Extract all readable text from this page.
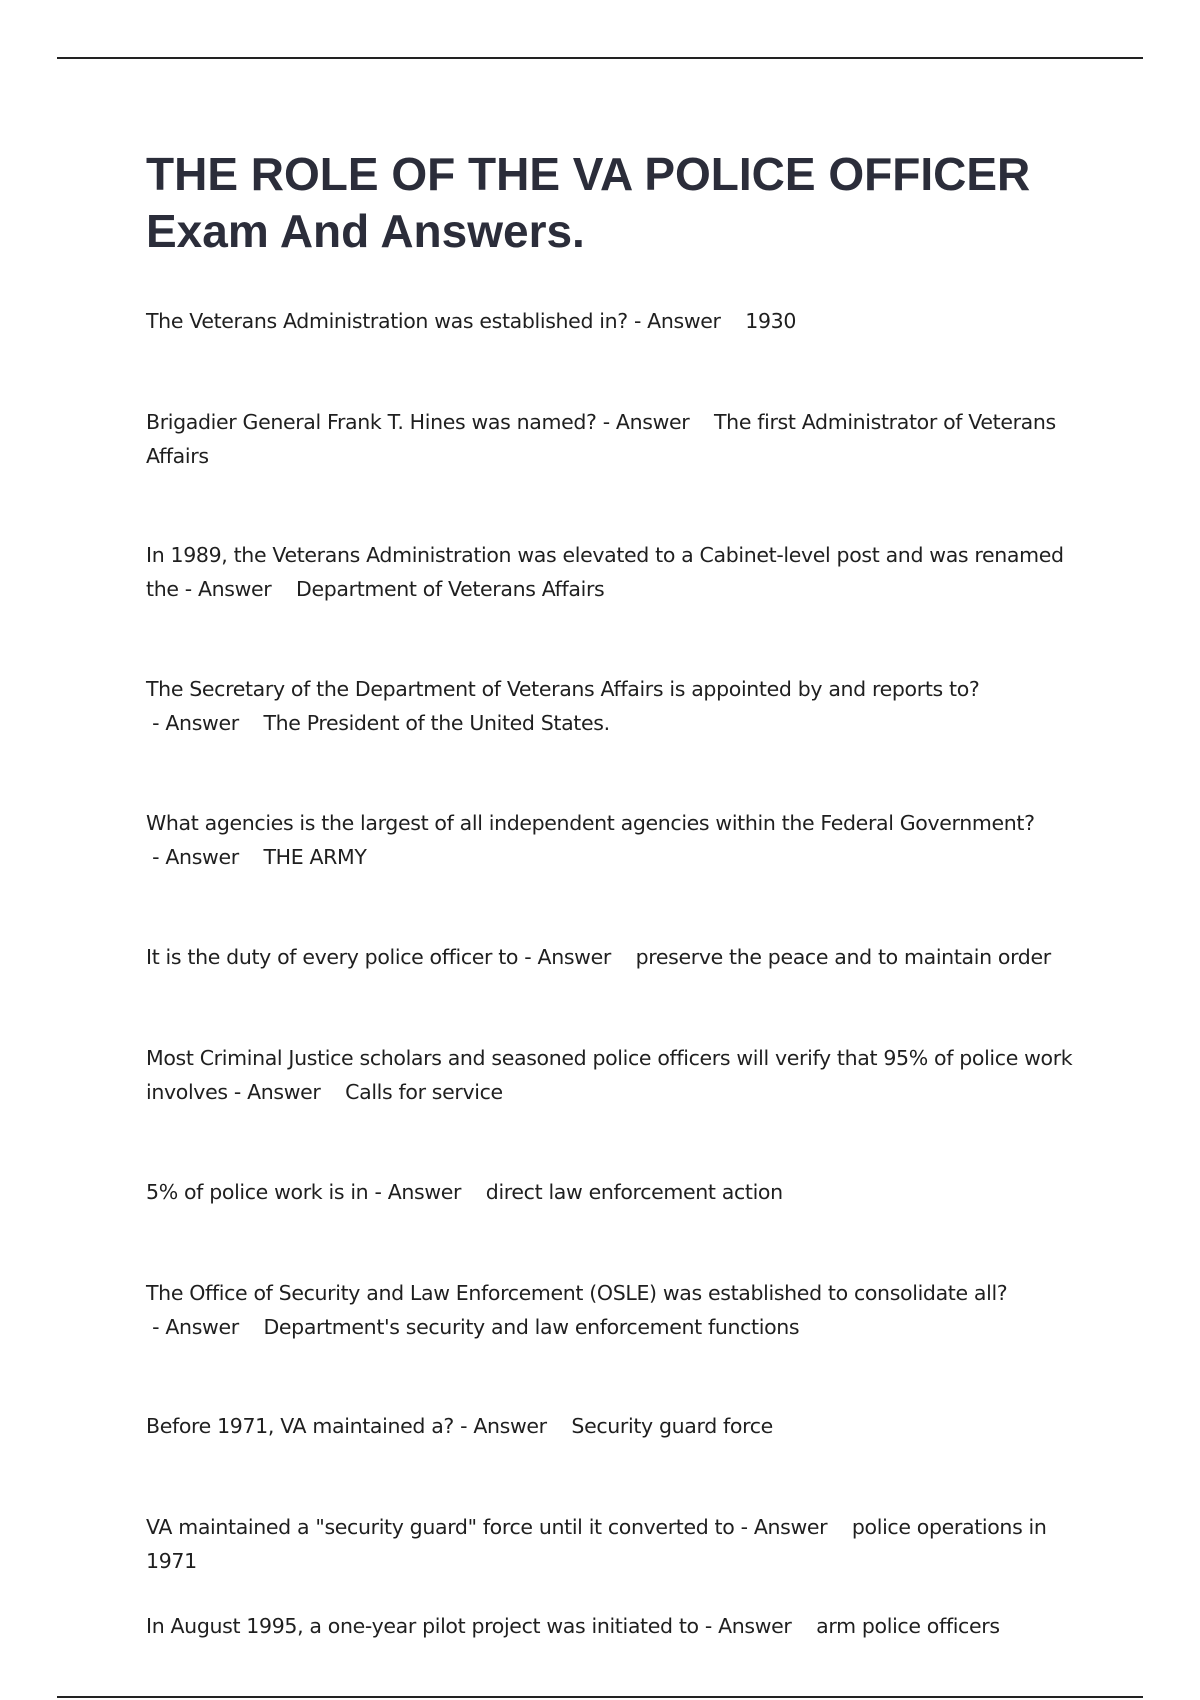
THE ROLE OF THE VA POLICE OFFICER Exam And Answers.
The Veterans Administration was established in? - Answer    1930
Brigadier General Frank T. Hines was named? - Answer    The first Administrator of Veterans Affairs
In 1989, the Veterans Administration was elevated to a Cabinet-level post and was renamed the - Answer    Department of Veterans Affairs
The Secretary of the Department of Veterans Affairs is appointed by and reports to? - Answer    The President of the United States.
What agencies is the largest of all independent agencies within the Federal Government? - Answer    THE ARMY
It is the duty of every police officer to - Answer    preserve the peace and to maintain order
Most Criminal Justice scholars and seasoned police officers will verify that 95% of police work involves - Answer    Calls for service
5% of police work is in - Answer    direct law enforcement action
The Office of Security and Law Enforcement (OSLE) was established to consolidate all? - Answer    Department's security and law enforcement functions
Before 1971, VA maintained a? - Answer    Security guard force
VA maintained a "security guard" force until it converted to - Answer    police operations in 1971
In August 1995, a one-year pilot project was initiated to - Answer    arm police officers
